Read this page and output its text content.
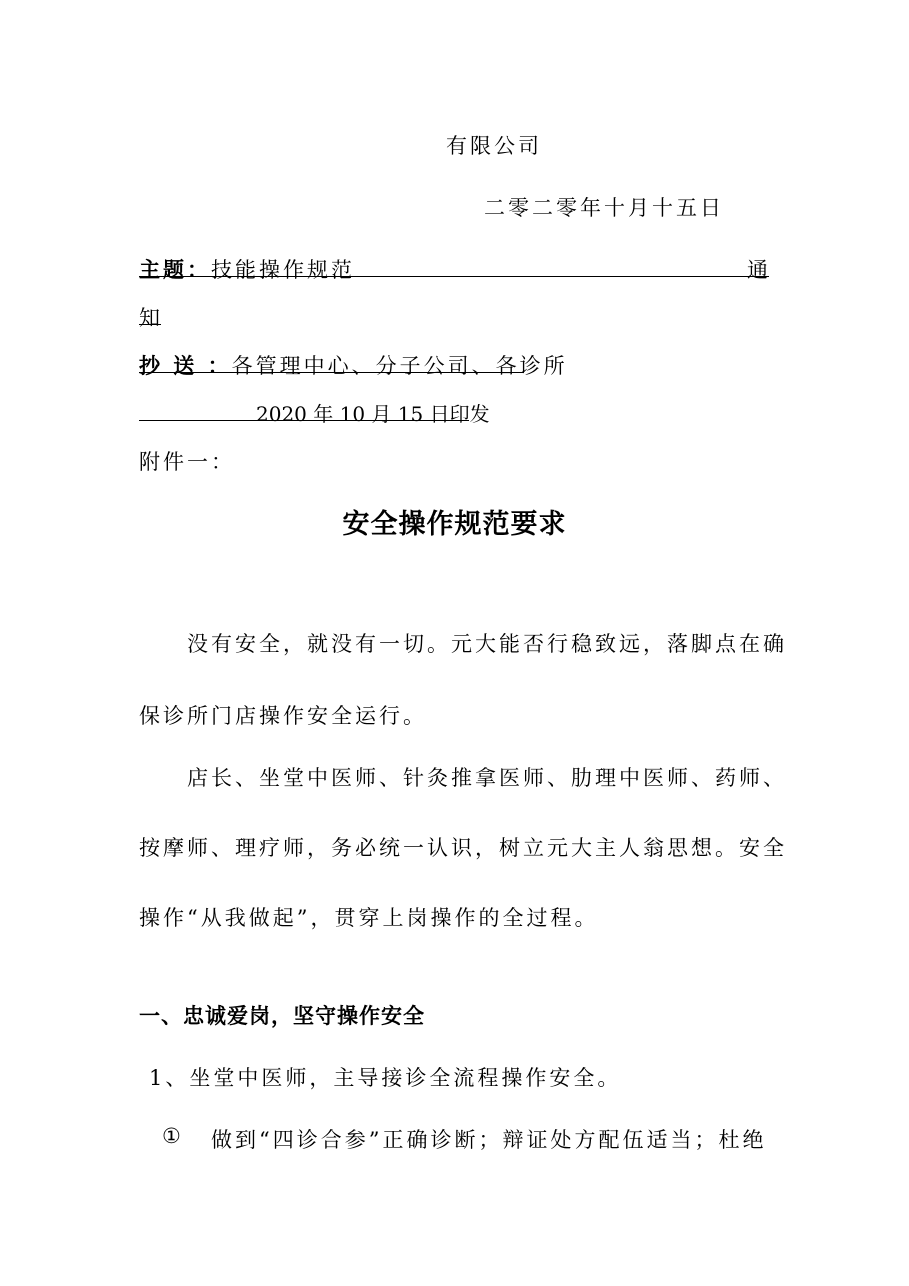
有限公司
二零二零年十月十五日
主题：技能操作规范	通
知
抄 送 ：各管理中心、分子公司、各诊所
2020 年 10 月 15 日印发
附件一：
安全操作规范要求
没有安全，就没有一切。元大能否行稳致远，落脚点在确
保诊所门店操作安全运行。
店长、坐堂中医师、针灸推拿医师、肋理中医师、药师、
按摩师、理疗师，务必统一认识，树立元大主人翁思想。安全
操作“从我做起”，贯穿上岗操作的全过程。
一、忠诚爱岗，坚守操作安全
1、坐堂中医师，主导接诊全流程操作安全。
① 做到“四诊合参”正确诊断；辩证处方配伍适当；杜绝
